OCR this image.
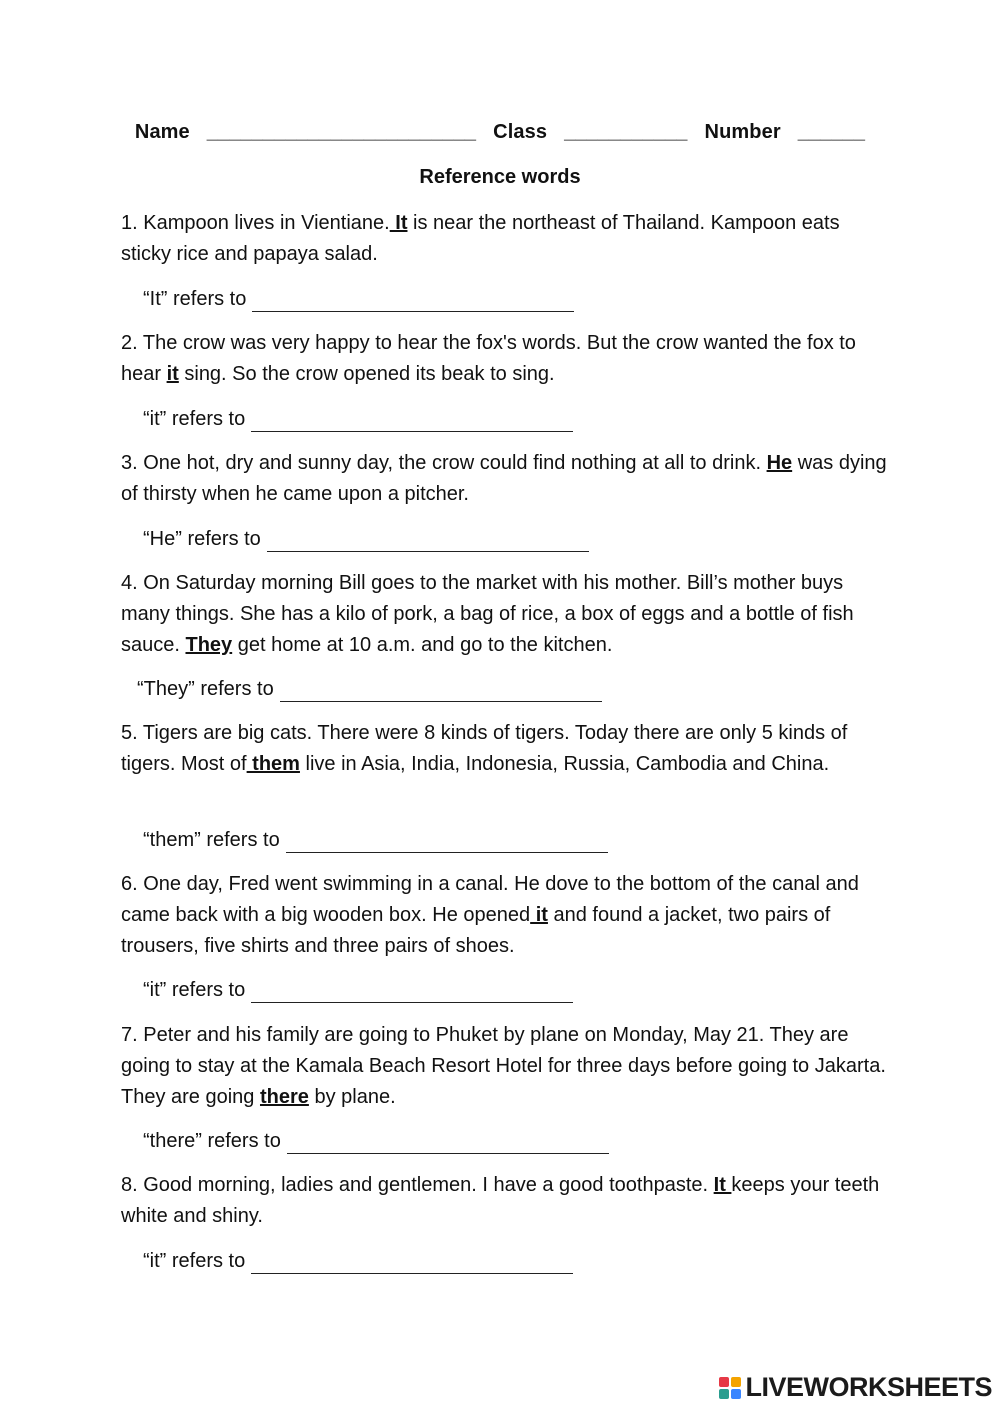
Name ________________________ Class ___________ Number ______
Reference words

1. Kampoon lives in Vientiane. It is near the northeast of Thailand. Kampoon eats sticky rice and papaya salad.

“It” refers to

2. The crow was very happy to hear the fox's words. But the crow wanted the fox to hear it sing. So the crow opened its beak to sing.

“it” refers to

3. One hot, dry and sunny day, the crow could find nothing at all to drink. He was dying of thirsty when he came upon a pitcher.

“He” refers to

4. On Saturday morning Bill goes to the market with his mother. Bill’s mother buys many things. She has a kilo of pork, a bag of rice, a box of eggs and a bottle of fish sauce. They get home at 10 a.m. and go to the kitchen.

“They” refers to

5. Tigers are big cats. There were 8 kinds of tigers. Today there are only 5 kinds of tigers. Most of them live in Asia, India, Indonesia, Russia, Cambodia and China.

“them” refers to

6. One day, Fred went swimming in a canal. He dove to the bottom of the canal and came back with a big wooden box. He opened it and found a jacket, two pairs of trousers, five shirts and three pairs of shoes.

“it” refers to

7. Peter and his family are going to Phuket by plane on Monday, May 21. They are going to stay at the Kamala Beach Resort Hotel for three days before going to Jakarta. They are going there by plane.

“there” refers to

8. Good morning, ladies and gentlemen. I have a good toothpaste. It keeps your teeth white and shiny.

“it” refers to
LIVEWORKSHEETS
